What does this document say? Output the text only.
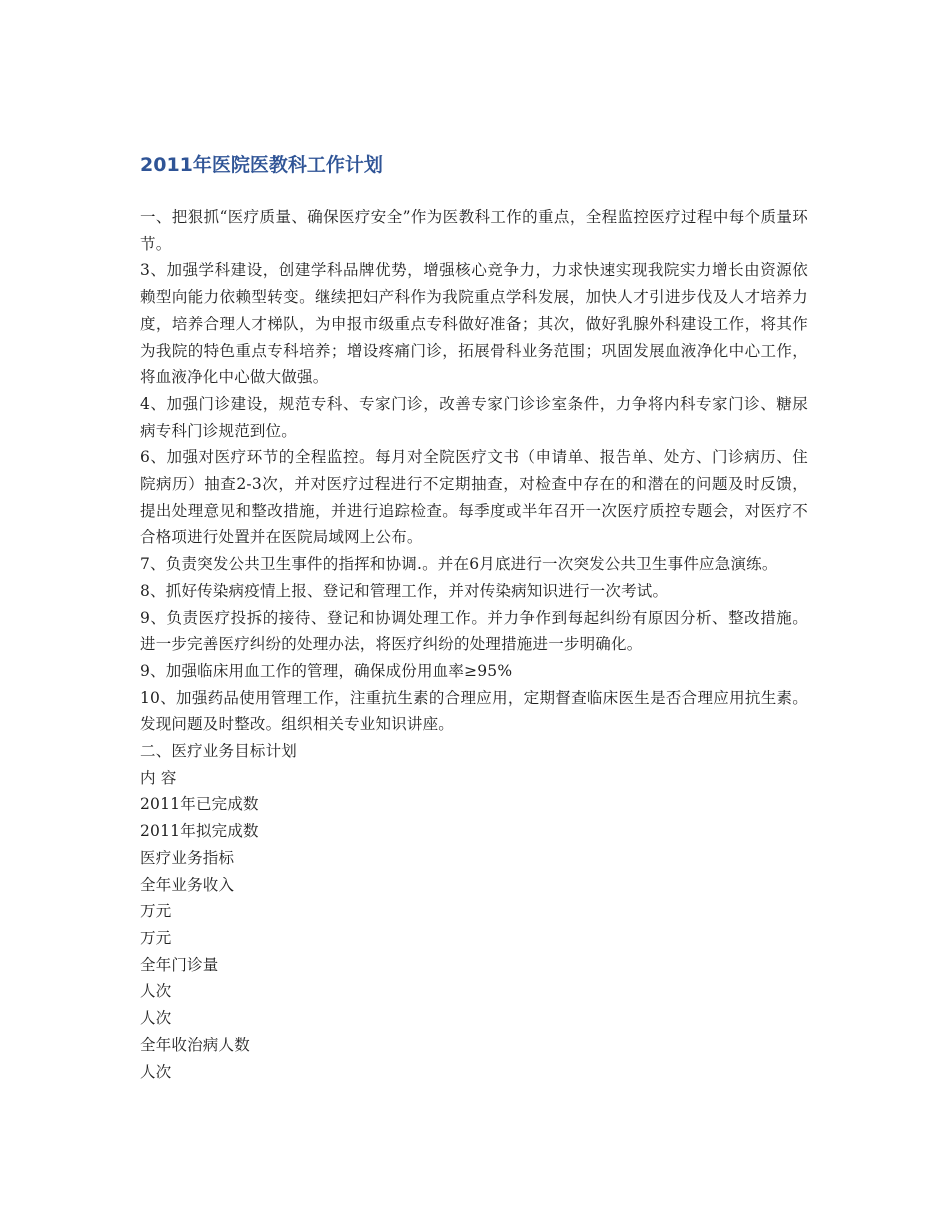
2011年医院医教科工作计划

一、把狠抓“医疗质量、确保医疗安全”作为医教科工作的重点，全程监控医疗过程中每个质量环节。

3、加强学科建设，创建学科品牌优势，增强核心竞争力，力求快速实现我院实力增长由资源依赖型向能力依赖型转变。继续把妇产科作为我院重点学科发展，加快人才引进步伐及人才培养力度，培养合理人才梯队，为申报市级重点专科做好准备；其次，做好乳腺外科建设工作，将其作为我院的特色重点专科培养；增设疼痛门诊，拓展骨科业务范围；巩固发展血液净化中心工作，将血液净化中心做大做强。

4、加强门诊建设，规范专科、专家门诊，改善专家门诊诊室条件，力争将内科专家门诊、糖尿病专科门诊规范到位。

6、加强对医疗环节的全程监控。每月对全院医疗文书（申请单、报告单、处方、门诊病历、住院病历）抽查2-3次，并对医疗过程进行不定期抽查，对检查中存在的和潜在的问题及时反馈，提出处理意见和整改措施，并进行追踪检查。每季度或半年召开一次医疗质控专题会，对医疗不合格项进行处置并在医院局域网上公布。

7、负责突发公共卫生事件的指挥和协调.。并在6月底进行一次突发公共卫生事件应急演练。

8、抓好传染病疫情上报、登记和管理工作，并对传染病知识进行一次考试。

9、负责医疗投拆的接待、登记和协调处理工作。并力争作到每起纠纷有原因分析、整改措施。进一步完善医疗纠纷的处理办法，将医疗纠纷的处理措施进一步明确化。

9、加强临床用血工作的管理，确保成份用血率≥95%

10、加强药品使用管理工作，注重抗生素的合理应用，定期督查临床医生是否合理应用抗生素。发现问题及时整改。组织相关专业知识讲座。

二、医疗业务目标计划

内 容

2011年已完成数

2011年拟完成数

医疗业务指标

全年业务收入

万元

万元

全年门诊量

人次

人次

全年收治病人数

人次
